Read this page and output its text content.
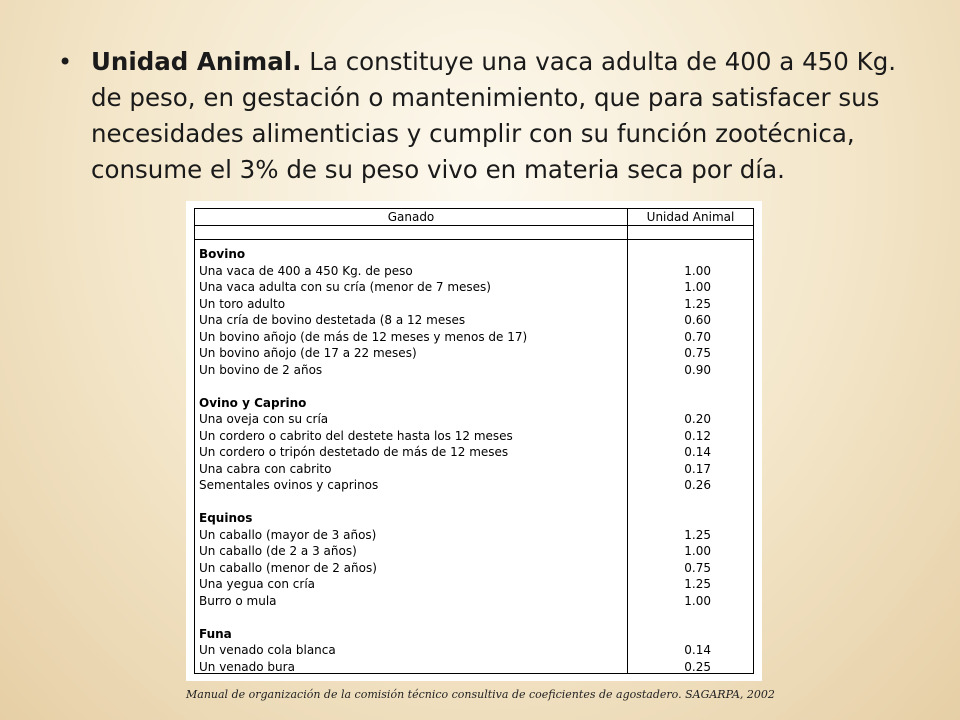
• Unidad Animal. La constituye una vaca adulta de 400 a 450 Kg. de peso, en gestación o mantenimiento, que para satisfacer sus necesidades alimenticias y cumplir con su función zootécnica, consume el 3% de su peso vivo en materia seca por día.
Ganado	Unidad Animal
Bovino
Una vaca de 400 a 450 Kg. de peso	1.00
Una vaca adulta con su cría (menor de 7 meses)	1.00
Un toro adulto	1.25
Una cría de bovino destetada (8 a 12 meses	0.60
Un bovino añojo (de más de 12 meses y menos de 17)	0.70
Un bovino añojo (de 17 a 22 meses)	0.75
Un bovino de 2 años	0.90
Ovino y Caprino
Una oveja con su cría	0.20
Un cordero o cabrito del destete hasta los 12 meses	0.12
Un cordero o tripón destetado de más de 12 meses	0.14
Una cabra con cabrito	0.17
Sementales ovinos y caprinos	0.26
Equinos
Un caballo (mayor de 3 años)	1.25
Un caballo (de 2 a 3 años)	1.00
Un caballo (menor de 2 años)	0.75
Una yegua con cría	1.25
Burro o mula	1.00
Funa
Un venado cola blanca	0.14
Un venado bura	0.25
Manual de organización de la comisión técnico consultiva de coeficientes de agostadero. SAGARPA, 2002
